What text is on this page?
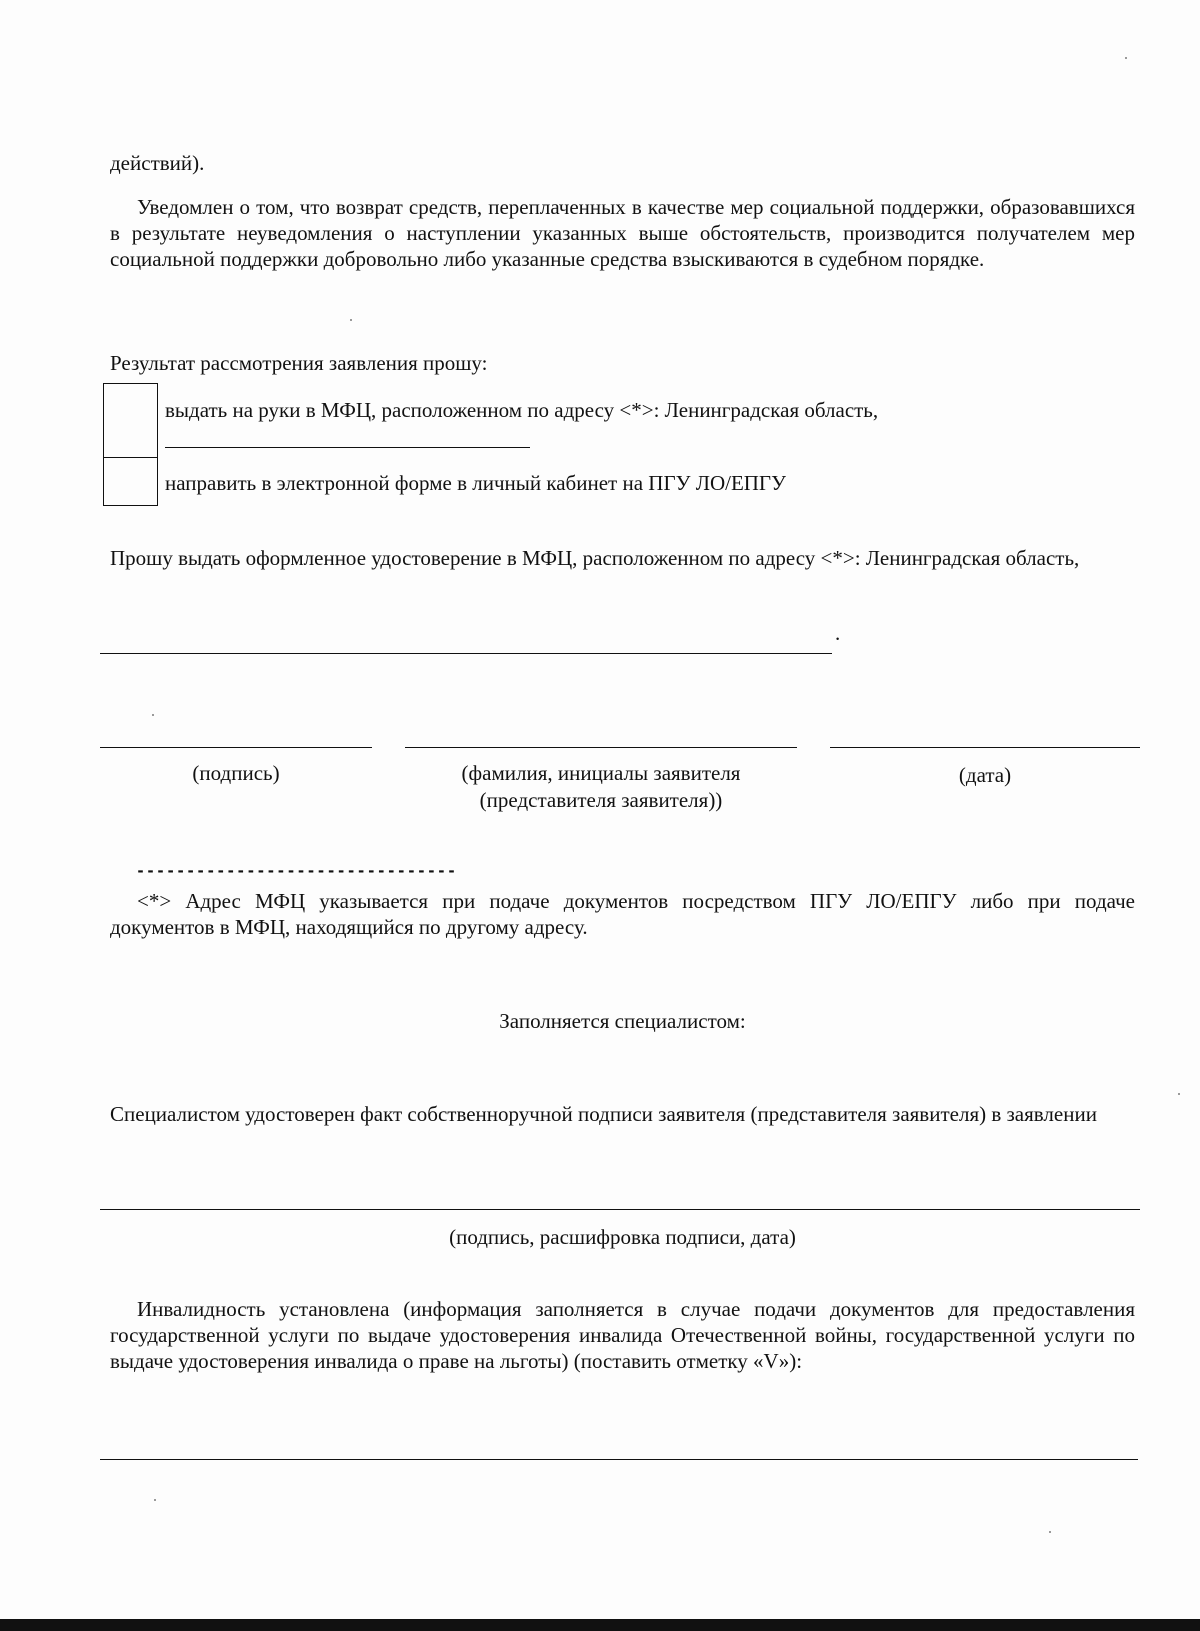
действий).
Уведомлен о том, что возврат средств, переплаченных в качестве мер социальной поддержки, образовавшихся в результате неуведомления о наступлении указанных выше обстоятельств, производится получателем мер социальной поддержки добровольно либо указанные средства взыскиваются в судебном порядке.
Результат рассмотрения заявления прошу:
выдать на руки в МФЦ, расположенном по адресу <*>: Ленинградская область,
направить в электронной форме в личный кабинет на ПГУ ЛО/ЕПГУ
Прошу выдать оформленное удостоверение в МФЦ, расположенном по адресу <*>: Ленинградская область,
.
(подпись)	(фамилия, инициалы заявителя
(представителя заявителя))
(дата)
--------------------------------
<*> Адрес МФЦ указывается при подаче документов посредством ПГУ ЛО/ЕПГУ либо при подаче документов в МФЦ, находящийся по другому адресу.
Заполняется специалистом:
Специалистом удостоверен факт собственноручной подписи заявителя (представителя заявителя) в заявлении
(подпись, расшифровка подписи, дата)
Инвалидность установлена (информация заполняется в случае подачи документов для предоставления государственной услуги по выдаче удостоверения инвалида Отечественной войны, государственной услуги по выдаче удостоверения инвалида о праве на льготы) (поставить отметку «V»):
